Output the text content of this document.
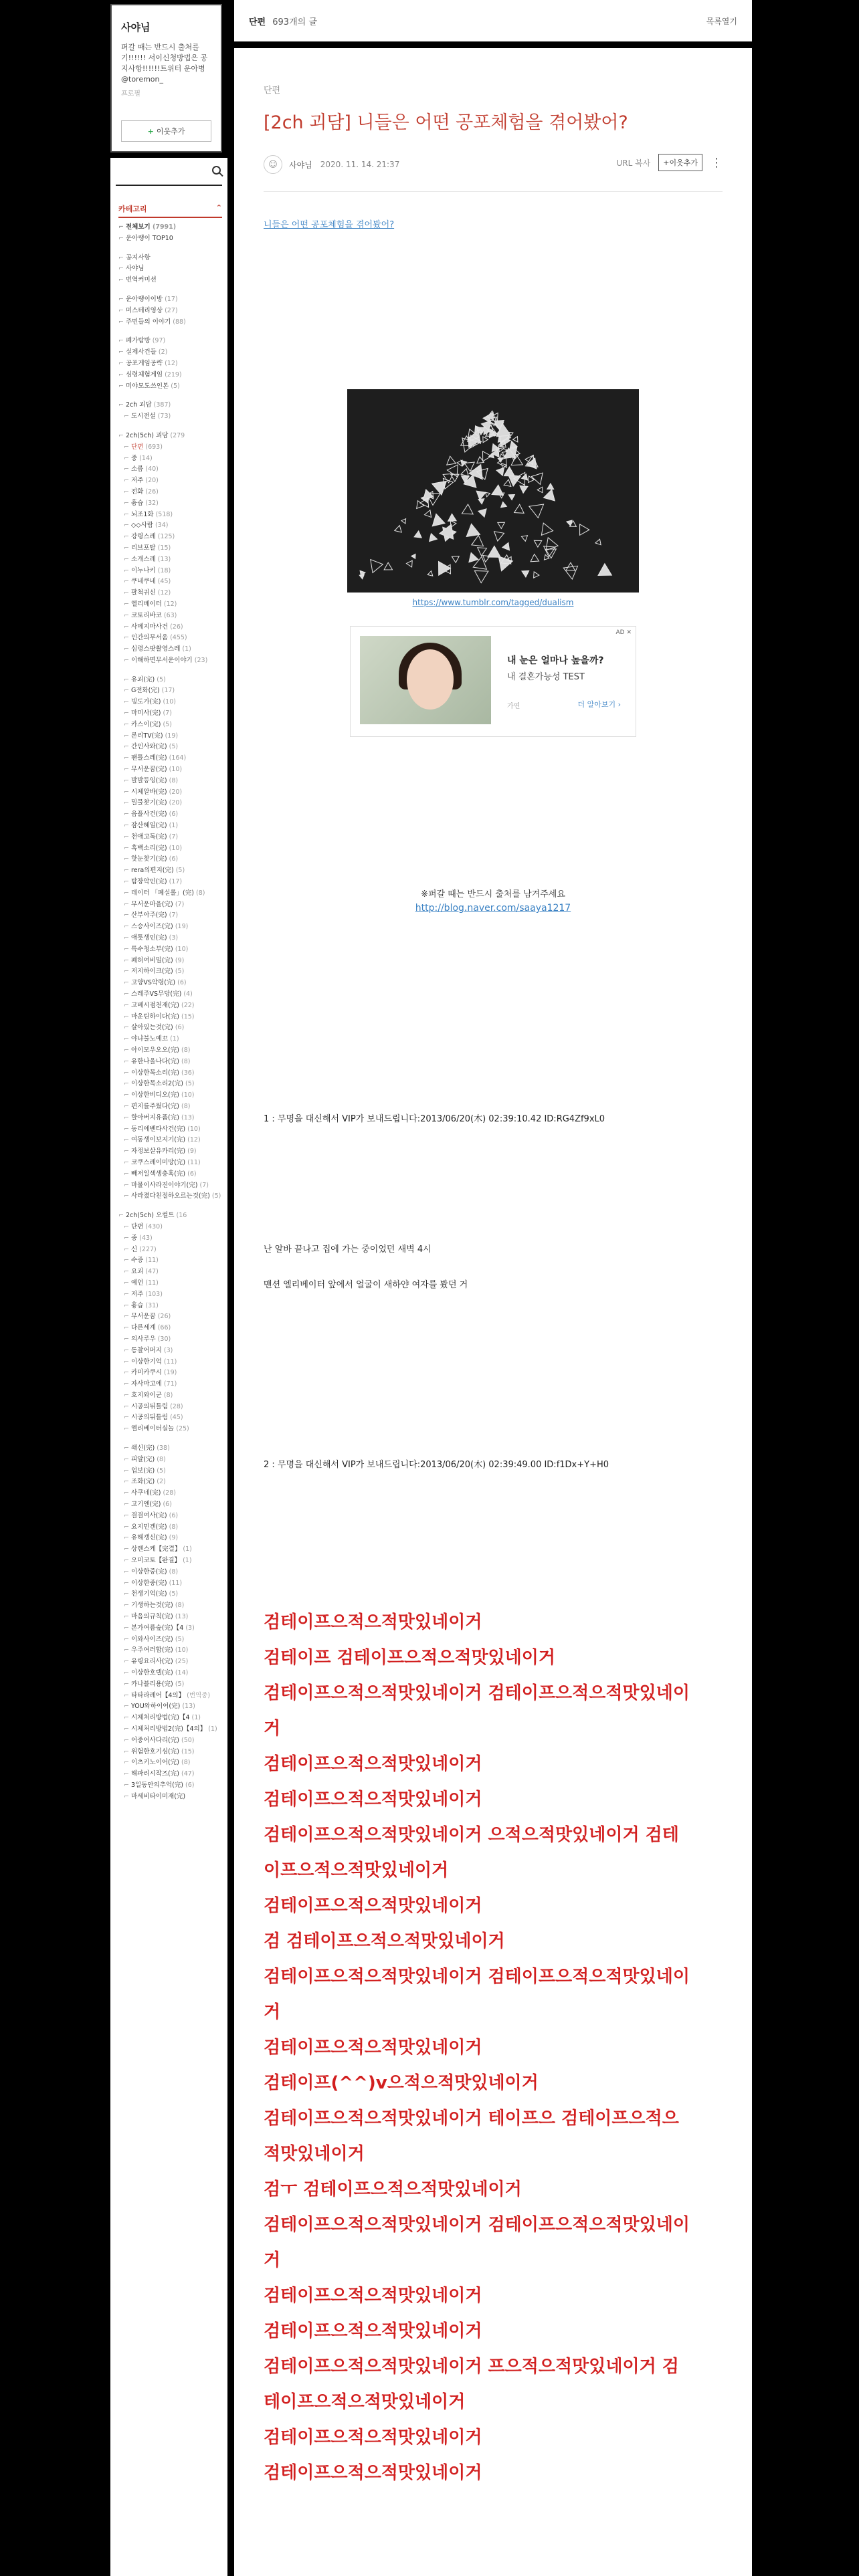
사야님
퍼갈 때는 반드시 출처를 기!!!!!! 서이신청방법은 공지사항!!!!!!트위터 운아병 @toremon_
프로필
+ 이웃추가
카테고리	⌃
⌐ 전체보기 (7991)
⌐ 운아랭이 TOP10
⌐ 공지사항
⌐ 사야님
⌐ 번역커미션
⌐ 운아랭이이방 (17)
⌐ 미스테리영상 (27)
⌐ 주민들의 이야기 (88)
⌐ 폐가탐방 (97)
⌐ 실제사건들 (2)
⌐ 공포게임공략 (12)
⌐ 심령체험게임 (219)
⌐ 미야모도쓰인본 (5)
⌐ 2ch 괴담 (387)
⌐ 도시전설 (73)
⌐ 2ch(5ch) 괴담 (279
⌐ 단편 (693)
⌐ 중 (14)
⌐ 소름 (40)
⌐ 저주 (20)
⌐ 전화 (26)
⌐ 흉습 (32)
⌐ 뇌조1화 (518)
⌐ ◇◇사람 (34)
⌐ 강령스레 (125)
⌐ 리브포탈 (15)
⌐ 소개스레 (13)
⌐ 이누나키 (18)
⌐ 쿠네쿠네 (45)
⌐ 팔척귀신 (12)
⌐ 엘리베이터 (12)
⌐ 코토리바코 (63)
⌐ 사메지마사건 (26)
⌐ 인간의무서움 (455)
⌐ 심령스팟촬영스레 (1)
⌐ 이해하면무서운이야기 (23)
⌐ 유괴(完) (5)
⌐ G전화(完) (17)
⌐ 빙도가(完) (10)
⌐ 마미사(完) (7)
⌐ 카스이(完) (5)
⌐ 론리TV(完) (19)
⌐ 간인사와(完) (5)
⌐ 팬틀스레(完) (164)
⌐ 무서운꿈(完) (10)
⌐ 발발등잉(完) (8)
⌐ 시체알바(完) (20)
⌐ 밀물찾기(完) (20)
⌐ 음플사건(完) (6)
⌐ 잠산혜일(完) (1)
⌐ 천애고독(完) (7)
⌐ 흑백소리(完) (10)
⌐ 핫눈찾기(完) (6)
⌐ rera의편지(完) (5)
⌐ 탐장악인(完) (17)
⌐ 데이터 「폐실롤」(完) (8)
⌐ 무서운마을(完) (7)
⌐ 산부아주(完) (7)
⌐ 스승사이즈(完) (19)
⌐ 애틋생인(完) (3)
⌐ 특수청소부(完) (10)
⌐ 폐허여비밀(完) (9)
⌐ 저지하이크(完) (5)
⌐ 고양VS악령(完) (6)
⌐ 스레주VS무당(完) (4)
⌐ 고베시점천재(完) (22)
⌐ 마운틴하이다(完) (15)
⌐ 살아있는것(完) (6)
⌐ 야냐불노예꼬 (1)
⌐ 아이모우오오(完) (8)
⌐ 유한나올나다(完) (8)
⌐ 이상한목소리(完) (36)
⌐ 이상한목소리2(完) (5)
⌐ 이상한비디오(完) (10)
⌐ 편지를주웠다(完) (8)
⌐ 할아버지유품(完) (13)
⌐ 동리에벤타사건(完) (10)
⌐ 여동생이보지기(完) (12)
⌐ 자정보살유카리(完) (9)
⌐ 코쿠스레이미망(完) (11)
⌐ 빼저일색생충혹(完) (6)
⌐ 마물이사라진이야기(完) (7)
⌐ 사라졌다친절하오르는것(完) (5)
⌐ 2ch(5ch) 오컬트 (16
⌐ 단편 (430)
⌐ 중 (43)
⌐ 신 (227)
⌐ 수증 (11)
⌐ 요괴 (47)
⌐ 예언 (11)
⌐ 저주 (103)
⌐ 흉습 (31)
⌐ 무서운꿈 (26)
⌐ 다른세계 (66)
⌐ 의사루우 (30)
⌐ 통찰어머지 (3)
⌐ 이상한기억 (11)
⌐ 카미카쿠시 (19)
⌐ 자사마고에 (71)
⌐ 호지와이군 (8)
⌐ 시공의뒤틀림 (28)
⌐ 시공의뒤틀림 (45)
⌐ 엘리베이터실놀 (25)
⌐ 쇄신(完) (38)
⌐ 피알(完) (8)
⌐ 업보(完) (5)
⌐ 조화(完) (2)
⌐ 사쿠네(完) (28)
⌐ 고기엔(完) (6)
⌐ 결결여사(完) (6)
⌐ 요지민겐(完) (8)
⌐ 유해갱신(完) (9)
⌐ 상렌스케【完결】 (1)
⌐ 오미코토【완결】 (1)
⌐ 이상한중(完) (8)
⌐ 이상한중(完) (11)
⌐ 천생기억(完) (5)
⌐ 기생하는것(完) (8)
⌐ 마음의규칙(完) (13)
⌐ 본가여름숲(完)【4 (3)
⌐ 이와사이즈(完) (5)
⌐ 우주여러합(完) (10)
⌐ 유령요리사(完) (25)
⌐ 이상한호텔(完) (14)
⌐ 카나블리용(完) (5)
⌐ 타타라레어【4의】 (번역중)
⌐ YOU와하이어(完) (13)
⌐ 시체처리방법(完)【4 (1)
⌐ 시체처리방법2(完)【4의】 (1)
⌐ 어중어사다리(完) (50)
⌐ 위험한호기심(完) (15)
⌐ 이츠키노이어(完) (8)
⌐ 해파리시작즈(完) (47)
⌐ 3일동안의추억(完) (6)
⌐ 마세비타이미재(完)
단편 693개의 글	목록열기
단편
[2ch 괴담] 니들은 어떤 공포체험을 겪어봤어?
☺	사야님 2020. 11. 14. 21:37	URL 복사	+이웃추가	⋮
니들은 어떤 공포체험을 겪어봤어?
https://www.tumblr.com/tagged/dualism
AD ✕
내 눈은 얼마나 높을까?
내 결혼가능성 TEST
가연	더 알아보기 ›
※퍼갈 때는 반드시 출처를 남겨주세요
http://blog.naver.com/saaya1217

1 : 무명을 대신해서 VIP가 보내드립니다:2013/06/20(木) 02:39:10.42 ID:RG4Zf9xL0

난 알바 끝나고 집에 가는 중이었던 새벽 4시

맨션 엘리베이터 앞에서 얼굴이 새하얀 여자를 봤던 거

2 : 무명을 대신해서 VIP가 보내드립니다:2013/06/20(木) 02:39:49.00 ID:f1Dx+Y+H0

검테이프으적으적맛있네이거

검테이프 검테이프으적으적맛있네이거

검테이프으적으적맛있네이거 검테이프으적으적맛있네이

거

검테이프으적으적맛있네이거

검테이프으적으적맛있네이거

검테이프으적으적맛있네이거 으적으적맛있네이거 검테

이프으적으적맛있네이거

검테이프으적으적맛있네이거

검 검테이프으적으적맛있네이거

검테이프으적으적맛있네이거 검테이프으적으적맛있네이

거

검테이프으적으적맛있네이거

검테이프(^^)v으적으적맛있네이거

검테이프으적으적맛있네이거 테이프으 검테이프으적으

적맛있네이거

검ㅜ 검테이프으적으적맛있네이거

검테이프으적으적맛있네이거 검테이프으적으적맛있네이

거

검테이프으적으적맛있네이거

검테이프으적으적맛있네이거

검테이프으적으적맛있네이거 프으적으적맛있네이거 검

테이프으적으적맛있네이거

검테이프으적으적맛있네이거

검테이프으적으적맛있네이거
